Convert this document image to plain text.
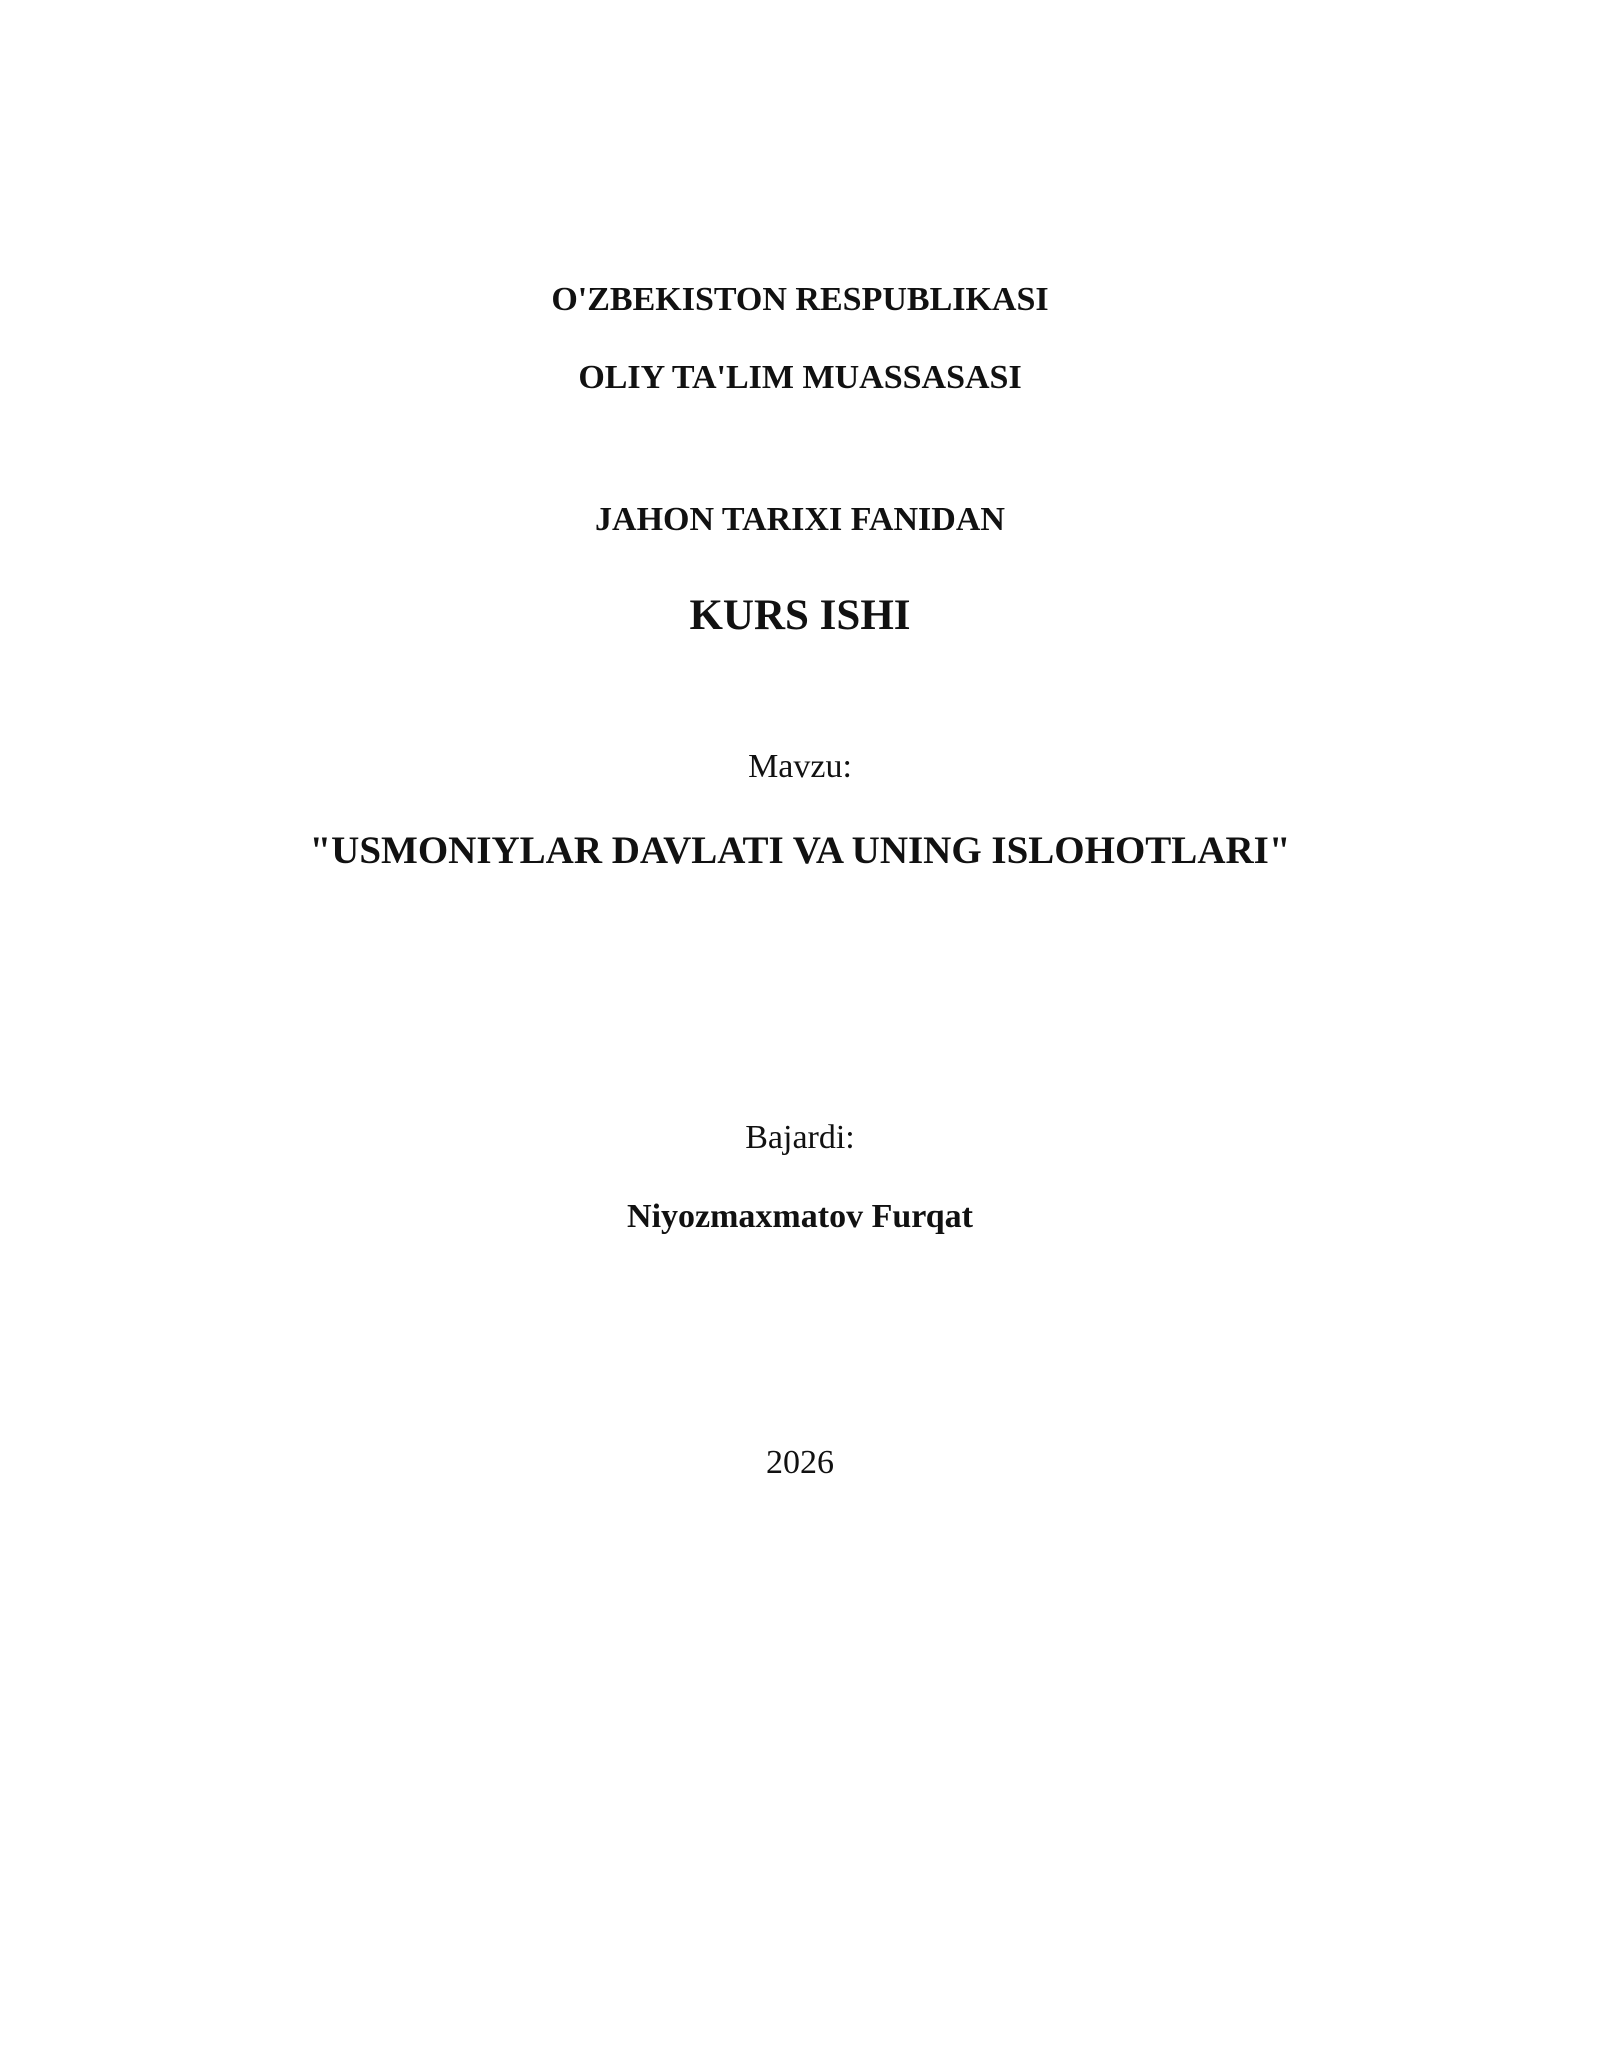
O'ZBEKISTON RESPUBLIKASI
OLIY TA'LIM MUASSASASI
JAHON TARIXI FANIDAN
KURS ISHI
Mavzu:
"USMONIYLAR DAVLATI VA UNING ISLOHOTLARI"
Bajardi:
Niyozmaxmatov Furqat
2026
